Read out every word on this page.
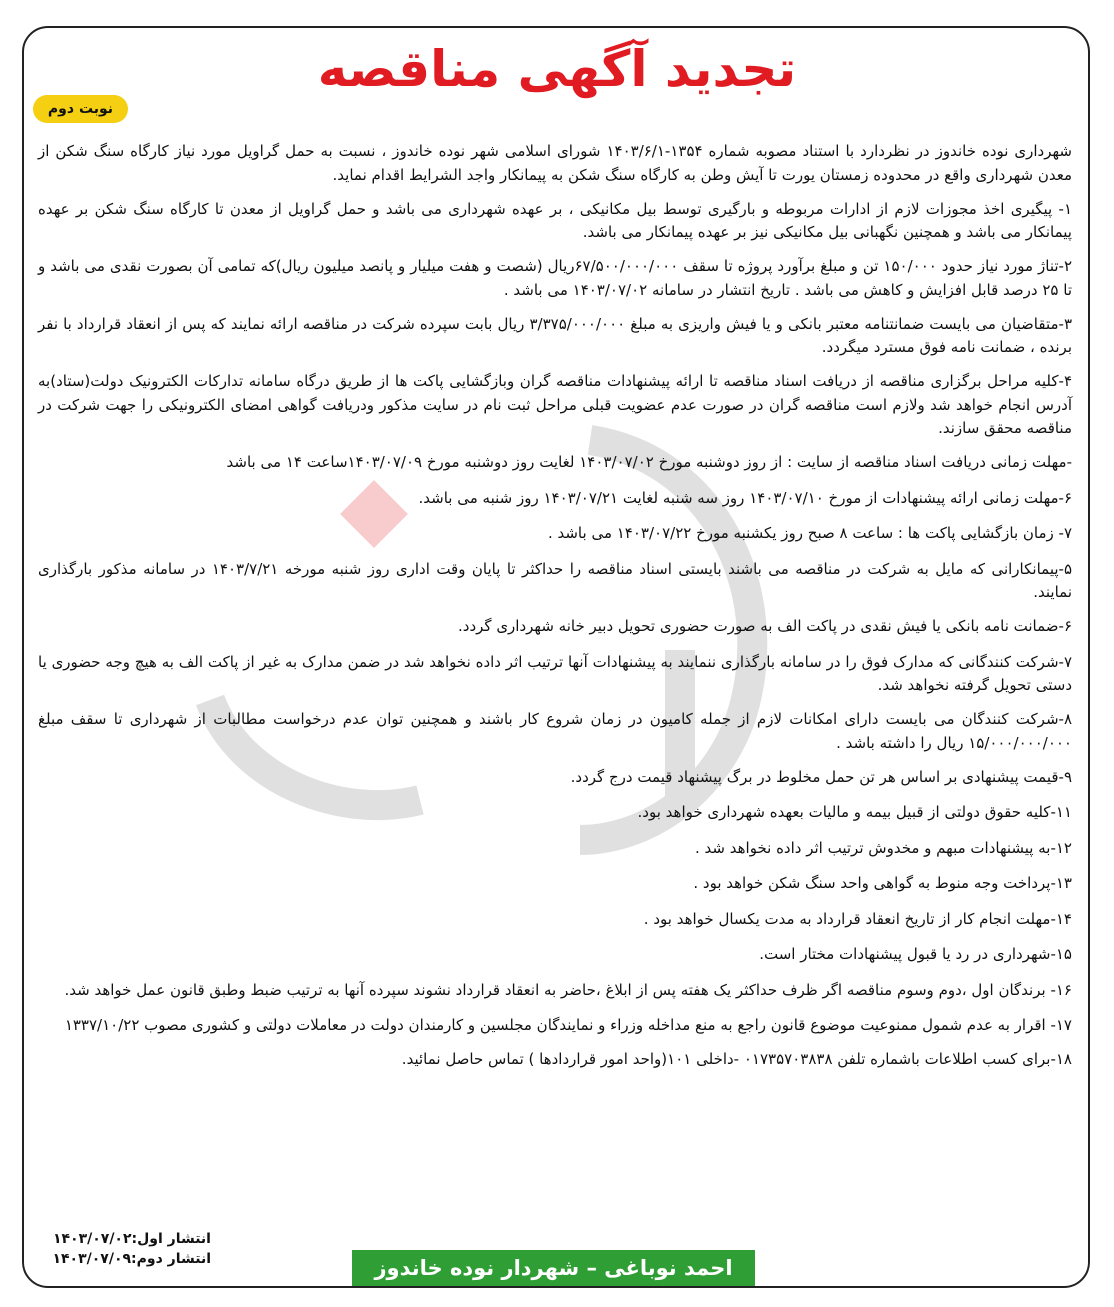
تجدید آگهی مناقصه
نوبت دوم

شهرداری نوده خاندوز در نظردارد با استناد مصوبه شماره ۱۳۵۴-۱۴۰۳/۶/۱ شورای اسلامی شهر نوده خاندوز ، نسبت به حمل گراویل مورد نیاز کارگاه سنگ شکن از معدن شهرداری واقع در محدوده زمستان یورت تا آیش وطن به کارگاه سنگ شکن به پیمانکار واجد الشرایط اقدام نماید.

۱- پیگیری اخذ مجوزات لازم از ادارات مربوطه و بارگیری توسط بیل مکانیکی ، بر عهده شهرداری می باشد و حمل گراویل از معدن تا کارگاه سنگ شکن بر عهده پیمانکار می باشد و همچنین نگهبانی بیل مکانیکی نیز بر عهده پیمانکار می باشد.

۲-تناژ مورد نیاز حدود ۱۵۰/۰۰۰ تن و مبلغ برآورد پروژه تا سقف ۶۷/۵۰۰/۰۰۰/۰۰۰ریال (شصت و هفت میلیار و پانصد میلیون ریال)که تمامی آن بصورت نقدی می باشد و تا ۲۵ درصد قابل افزایش و کاهش می باشد . تاریخ انتشار در سامانه ۱۴۰۳/۰۷/۰۲ می باشد .

۳-متقاضیان می بایست ضمانتنامه معتبر بانکی و یا فیش واریزی به مبلغ ۳/۳۷۵/۰۰۰/۰۰۰ ریال بابت سپرده شرکت در مناقصه ارائه نمایند که پس از انعقاد قرارداد با نفر برنده ، ضمانت نامه فوق مسترد میگردد.

۴-کلیه مراحل برگزاری مناقصه از دریافت اسناد مناقصه تا ارائه پیشنهادات مناقصه گران وبازگشایی پاکت ها از طریق درگاه سامانه تدارکات الکترونیک دولت(ستاد)به آدرس انجام خواهد شد ولازم است مناقصه گران در صورت عدم عضویت قبلی مراحل ثبت نام در سایت مذکور ودریافت گواهی امضای الکترونیکی را جهت شرکت در مناقصه محقق سازند.

-مهلت زمانی دریافت اسناد مناقصه از سایت : از روز دوشنبه مورخ ۱۴۰۳/۰۷/۰۲ لغایت روز دوشنبه مورخ ۱۴۰۳/۰۷/۰۹ساعت ۱۴ می باشد

۶-مهلت زمانی ارائه پیشنهادات از مورخ ۱۴۰۳/۰۷/۱۰ روز سه شنبه لغایت ۱۴۰۳/۰۷/۲۱ روز شنبه می باشد.

۷- زمان بازگشایی پاکت ها : ساعت ۸ صبح روز یکشنبه مورخ ۱۴۰۳/۰۷/۲۲ می باشد .

۵-پیمانکارانی که مایل به شرکت در مناقصه می باشند بایستی اسناد مناقصه را حداکثر تا پایان وقت اداری روز شنبه مورخه ۱۴۰۳/۷/۲۱ در سامانه مذکور بارگذاری نمایند.

۶-ضمانت نامه بانکی یا فیش نقدی در پاکت الف به صورت حضوری تحویل دبیر خانه شهرداری گردد.

۷-شرکت کنندگانی که مدارک فوق را در سامانه بارگذاری ننمایند به پیشنهادات آنها ترتیب اثر داده نخواهد شد در ضمن مدارک به غیر از پاکت الف به هیچ وجه حضوری یا دستی تحویل گرفته نخواهد شد.

۸-شرکت کنندگان می بایست دارای امکانات لازم از جمله کامیون در زمان شروع کار باشند و همچنین توان عدم درخواست مطالبات از شهرداری تا سقف مبلغ ۱۵/۰۰۰/۰۰۰/۰۰۰ ریال را داشته باشد .

۹-قیمت پیشنهادی بر اساس هر تن حمل مخلوط در برگ پیشنهاد قیمت درج گردد.

۱۱-کلیه حقوق دولتی از قبیل بیمه و مالیات بعهده شهرداری خواهد بود.

۱۲-به پیشنهادات مبهم و مخدوش ترتیب اثر داده نخواهد شد .

۱۳-پرداخت وجه منوط به گواهی واحد سنگ شکن خواهد بود .

۱۴-مهلت انجام کار از تاریخ انعقاد قرارداد به مدت یکسال خواهد بود .

۱۵-شهرداری در رد یا قبول پیشنهادات مختار است.

۱۶- برندگان اول ،دوم وسوم مناقصه اگر ظرف حداکثر یک هفته پس از ابلاغ ،حاضر به انعقاد قرارداد نشوند سپرده آنها به ترتیب ضبط وطبق قانون عمل خواهد شد.

۱۷- اقرار به عدم شمول ممنوعیت موضوع قانون راجع به منع مداخله وزراء و نمایندگان مجلسین و کارمندان دولت در معاملات دولتی و کشوری مصوب ۱۳۳۷/۱۰/۲۲

۱۸-برای کسب اطلاعات باشماره تلفن ۰۱۷۳۵۷۰۳۸۳۸ -داخلی ۱۰۱(واحد امور قراردادها ) تماس حاصل نمائید.

انتشار اول:۱۴۰۳/۰۷/۰۲
انتشار دوم:۱۴۰۳/۰۷/۰۹	احمد نوباغی – شهردار نوده خاندوز
